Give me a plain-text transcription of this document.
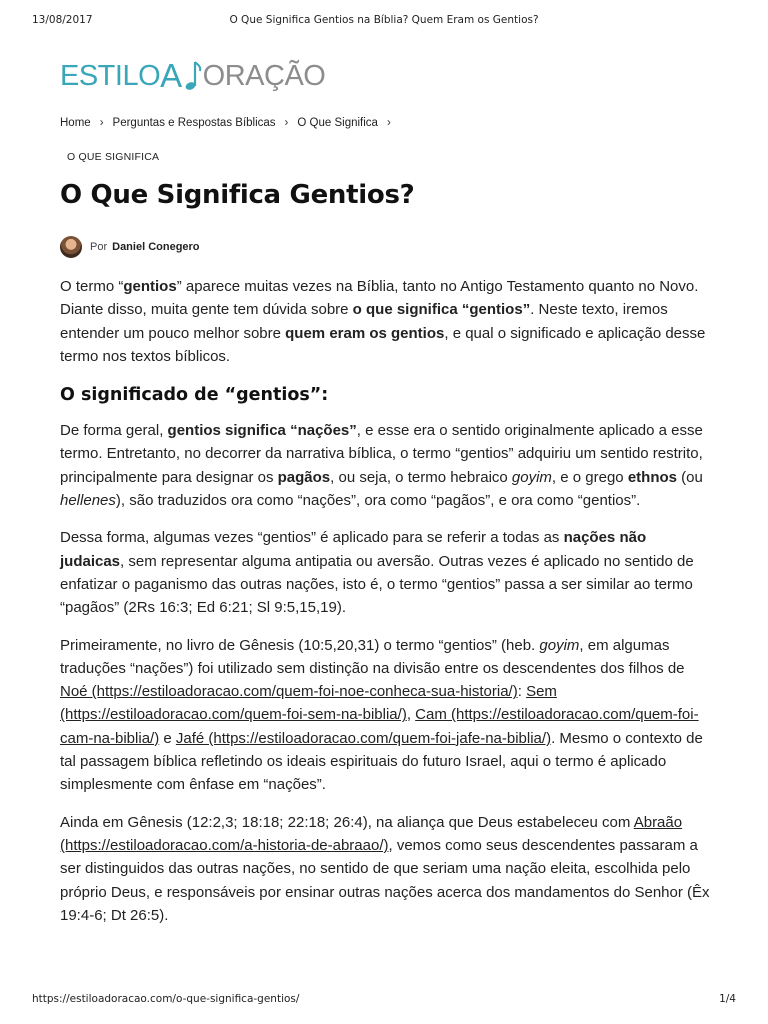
13/08/2017	O Que Significa Gentios na Bíblia? Quem Eram os Gentios?
ESTILOA ORAÇÃO
Home › Perguntas e Respostas Bíblicas › O Que Significa ›
O QUE SIGNIFICA
O Que Significa Gentios?
Por Daniel Conegero

O termo “gentios” aparece muitas vezes na Bíblia, tanto no Antigo Testamento quanto no Novo. Diante disso, muita gente tem dúvida sobre o que significa “gentios”. Neste texto, iremos entender um pouco melhor sobre quem eram os gentios, e qual o significado e aplicação desse termo nos textos bíblicos.

O significado de “gentios”:

De forma geral, gentios significa “nações”, e esse era o sentido originalmente aplicado a esse termo. Entretanto, no decorrer da narrativa bíblica, o termo “gentios” adquiriu um sentido restrito, principalmente para designar os pagãos, ou seja, o termo hebraico goyim, e o grego ethnos (ou hellenes), são traduzidos ora como “nações”, ora como “pagãos”, e ora como “gentios”.

Dessa forma, algumas vezes “gentios” é aplicado para se referir a todas as nações não judaicas, sem representar alguma antipatia ou aversão. Outras vezes é aplicado no sentido de enfatizar o paganismo das outras nações, isto é, o termo “gentios” passa a ser similar ao termo “pagãos” (2Rs 16:3; Ed 6:21; Sl 9:5,15,19).

Primeiramente, no livro de Gênesis (10:5,20,31) o termo “gentios” (heb. goyim, em algumas traduções “nações”) foi utilizado sem distinção na divisão entre os descendentes dos filhos de Noé (https://estiloadoracao.com/quem-foi-noe-conheca-sua-historia/): Sem (https://estiloadoracao.com/quem-foi-sem-na-biblia/), Cam (https://estiloadoracao.com/quem-foi-cam-na-biblia/) e Jafé (https://estiloadoracao.com/quem-foi-jafe-na-biblia/). Mesmo o contexto de tal passagem bíblica refletindo os ideais espirituais do futuro Israel, aqui o termo é aplicado simplesmente com ênfase em “nações”.

Ainda em Gênesis (12:2,3; 18:18; 22:18; 26:4), na aliança que Deus estabeleceu com Abraão (https://estiloadoracao.com/a-historia-de-abraao/), vemos como seus descendentes passaram a ser distinguidos das outras nações, no sentido de que seriam uma nação eleita, escolhida pelo próprio Deus, e responsáveis por ensinar outras nações acerca dos mandamentos do Senhor (Êx 19:4-6; Dt 26:5).

https://estiloadoracao.com/o-que-significa-gentios/	1/4
